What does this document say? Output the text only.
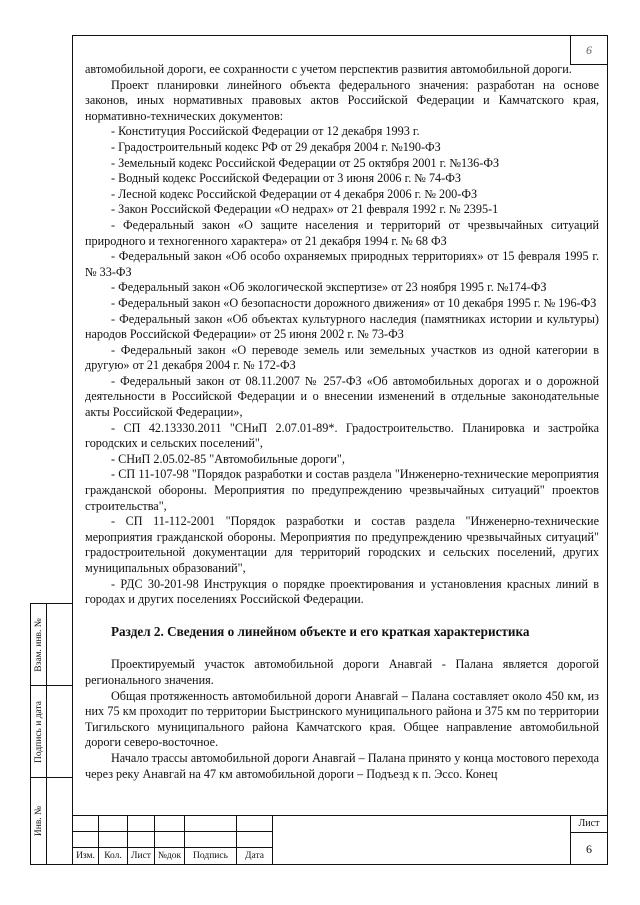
6

автомобильной дороги, ее сохранности с учетом перспектив развития автомобильной дороги.

Проект планировки линейного объекта федерального значения: разработан на основе законов, иных нормативных правовых актов Российской Федерации и Камчатского края, нормативно-технических документов:

- Конституция Российской Федерации от 12 декабря 1993 г.

- Градостроительный кодекс РФ от 29 декабря 2004 г. №190-ФЗ

- Земельный кодекс Российской Федерации от 25 октября 2001 г. №136-ФЗ

- Водный кодекс Российской Федерации от 3 июня 2006 г. № 74-ФЗ

- Лесной кодекс Российской Федерации от 4 декабря 2006 г. № 200-ФЗ

- Закон Российской Федерации «О недрах» от 21 февраля 1992 г. № 2395-1

- Федеральный закон «О защите населения и территорий от чрезвычайных ситуаций природного и техногенного характера» от 21 декабря 1994 г. № 68 ФЗ

- Федеральный закон «Об особо охраняемых природных территориях» от 15 февраля 1995 г. № 33-ФЗ

- Федеральный закон «Об экологической экспертизе» от 23 ноября 1995 г. №174-ФЗ

- Федеральный закон «О безопасности дорожного движения» от 10 декабря 1995 г. № 196-ФЗ

- Федеральный закон «Об объектах культурного наследия (памятниках истории и культуры) народов Российской Федерации» от 25 июня 2002 г. № 73-ФЗ

- Федеральный закон «О переводе земель или земельных участков из одной категории в другую» от 21 декабря 2004 г. № 172-ФЗ

- Федеральный закон от 08.11.2007 № 257-ФЗ «Об автомобильных дорогах и о дорожной деятельности в Российской Федерации и о внесении изменений в отдельные законодательные акты Российской Федерации»,

- СП 42.13330.2011 "СНиП 2.07.01-89*. Градостроительство. Планировка и застройка городских и сельских поселений",

- СНиП 2.05.02-85 "Автомобильные дороги",

- СП 11-107-98 "Порядок разработки и состав раздела "Инженерно-технические мероприятия гражданской обороны. Мероприятия по предупреждению чрезвычайных ситуаций" проектов строительства",

- СП 11-112-2001 "Порядок разработки и состав раздела "Инженерно-технические мероприятия гражданской обороны. Мероприятия по предупреждению чрезвычайных ситуаций" градостроительной документации для территорий городских и сельских поселений, других муниципальных образований",

- РДС 30-201-98 Инструкция о порядке проектирования и установления красных линий в городах и других поселениях Российской Федерации.

Раздел 2. Сведения о линейном объекте и его краткая характеристика

Проектируемый участок автомобильной дороги Анавгай - Палана является дорогой регионального значения.

Общая протяженность автомобильной дороги Анавгай – Палана составляет около 450 км, из них 75 км проходит по территории Быстринского муниципального района и 375 км по территории Тигильского муниципального района Камчатского края. Общее направление автомобильной дороги северо-восточное.

Начало трассы автомобильной дороги Анавгай – Палана принято у конца мостового перехода через реку Анавгай на 47 км автомобильной дороги – Подъезд к п. Эссо. Конец

Изм. Кол. Лист №док	Подпись	Дата
Лист
6
Взам. инв. №
Подпись и дата
Инв. №
